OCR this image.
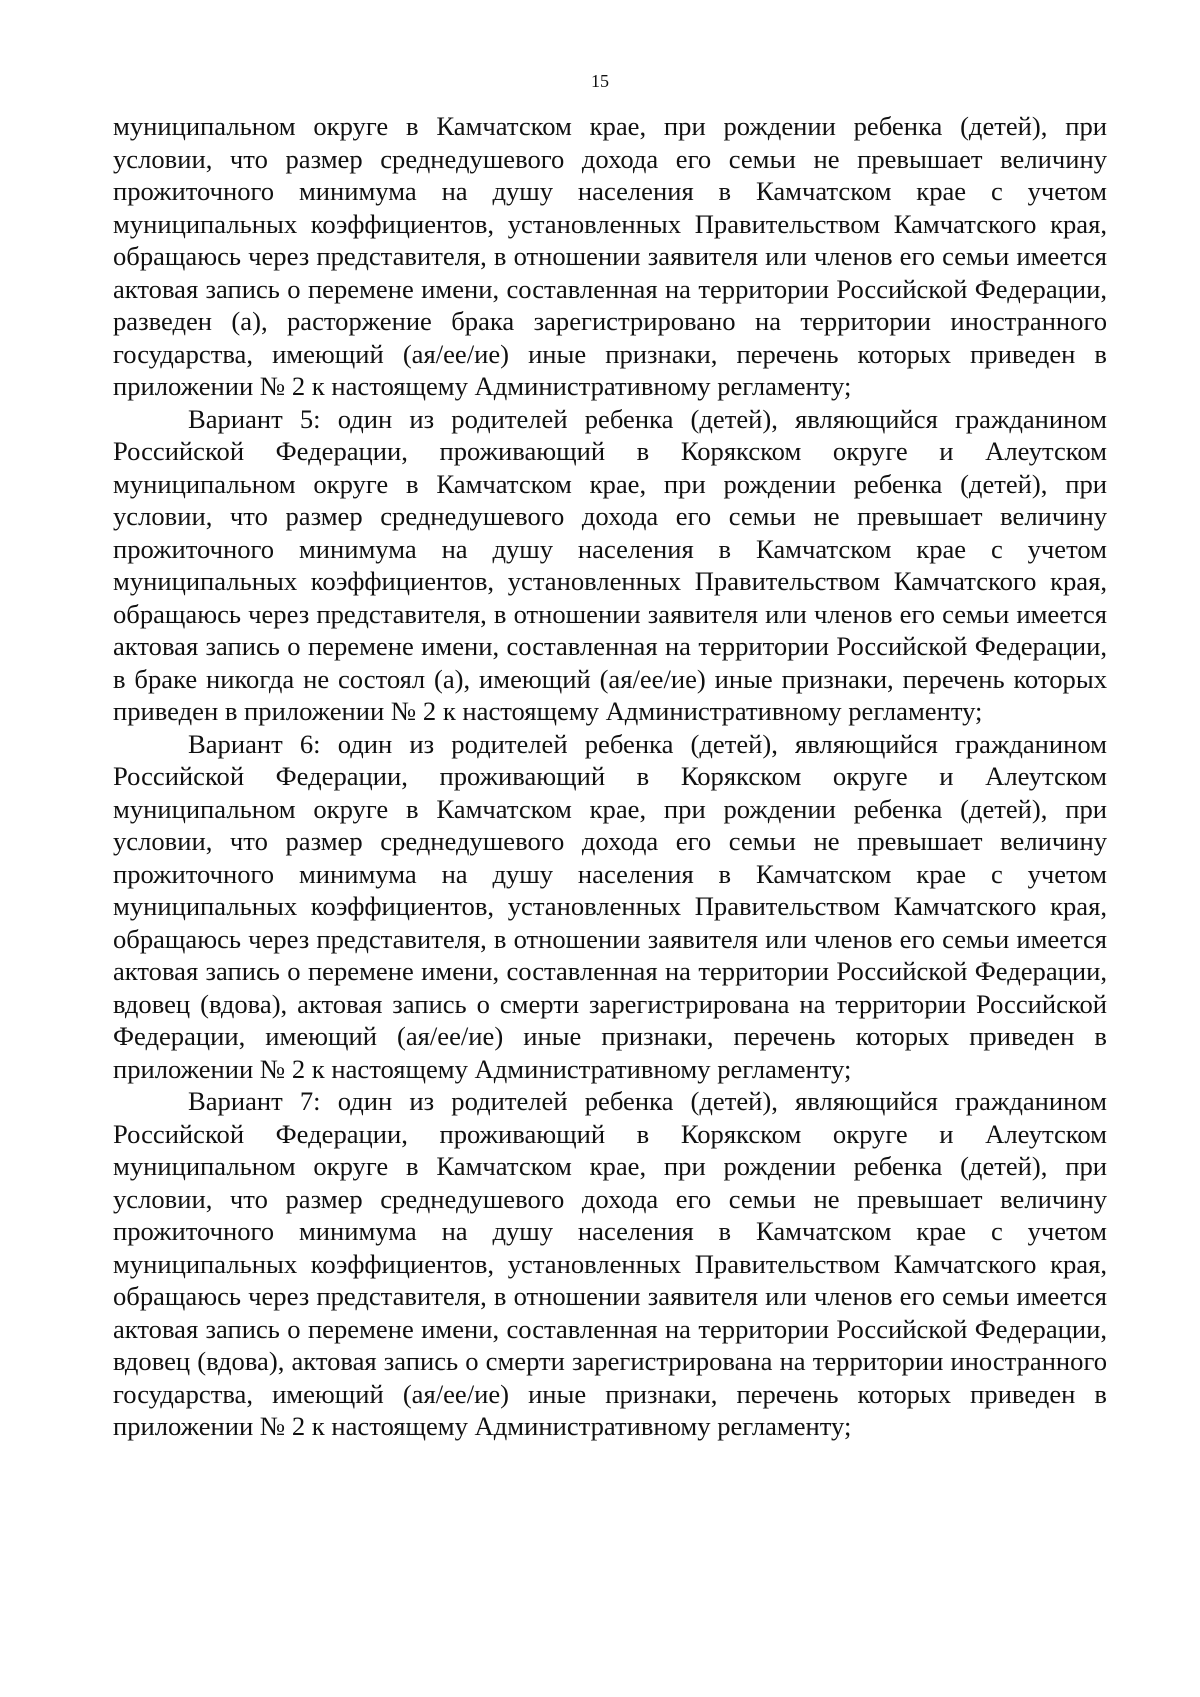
15

муниципальном округе в Камчатском крае, при рождении ребенка (детей), при условии, что размер среднедушевого дохода его семьи не превышает величину прожиточного минимума на душу населения в Камчатском крае с учетом муниципальных коэффициентов, установленных Правительством Камчатского края, обращаюсь через представителя, в отношении заявителя или членов его семьи имеется актовая запись о перемене имени, составленная на территории Российской Федерации, разведен (а), расторжение брака зарегистрировано на территории иностранного государства, имеющий (ая/ее/ие) иные признаки, перечень которых приведен в приложении № 2 к настоящему Административному регламенту;

Вариант 5: один из родителей ребенка (детей), являющийся гражданином Российской Федерации, проживающий в Корякском округе и Алеутском муниципальном округе в Камчатском крае, при рождении ребенка (детей), при условии, что размер среднедушевого дохода его семьи не превышает величину прожиточного минимума на душу населения в Камчатском крае с учетом муниципальных коэффициентов, установленных Правительством Камчатского края, обращаюсь через представителя, в отношении заявителя или членов его семьи имеется актовая запись о перемене имени, составленная на территории Российской Федерации, в браке никогда не состоял (а), имеющий (ая/ее/ие) иные признаки, перечень которых приведен в приложении № 2 к настоящему Административному регламенту;

Вариант 6: один из родителей ребенка (детей), являющийся гражданином Российской Федерации, проживающий в Корякском округе и Алеутском муниципальном округе в Камчатском крае, при рождении ребенка (детей), при условии, что размер среднедушевого дохода его семьи не превышает величину прожиточного минимума на душу населения в Камчатском крае с учетом муниципальных коэффициентов, установленных Правительством Камчатского края, обращаюсь через представителя, в отношении заявителя или членов его семьи имеется актовая запись о перемене имени, составленная на территории Российской Федерации, вдовец (вдова), актовая запись о смерти зарегистрирована на территории Российской Федерации, имеющий (ая/ее/ие) иные признаки, перечень которых приведен в приложении № 2 к настоящему Административному регламенту;

Вариант 7: один из родителей ребенка (детей), являющийся гражданином Российской Федерации, проживающий в Корякском округе и Алеутском муниципальном округе в Камчатском крае, при рождении ребенка (детей), при условии, что размер среднедушевого дохода его семьи не превышает величину прожиточного минимума на душу населения в Камчатском крае с учетом муниципальных коэффициентов, установленных Правительством Камчатского края, обращаюсь через представителя, в отношении заявителя или членов его семьи имеется актовая запись о перемене имени, составленная на территории Российской Федерации, вдовец (вдова), актовая запись о смерти зарегистрирована на территории иностранного государства, имеющий (ая/ее/ие) иные признаки, перечень которых приведен в приложении № 2 к настоящему Административному регламенту;
